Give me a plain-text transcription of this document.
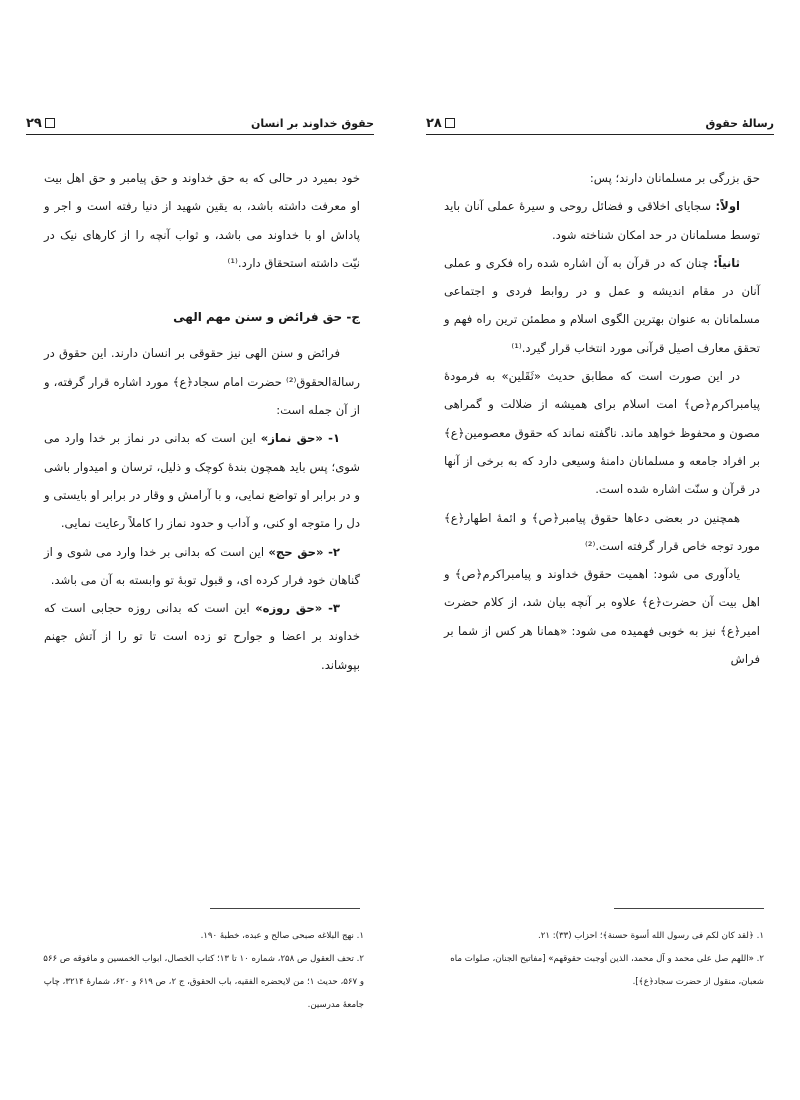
حقوق خداوند بر انسان
۲۹

خود بمیرد در حالی که به حق خداوند و حق پیامبر و حق اهل بیت او معرفت داشته باشد، به یقین شهید از دنیا رفته است و اجر و پاداش او با خداوند می باشد، و ثواب آنچه را از کارهای نیک در نیّت داشته استحقاق دارد.⁽¹⁾

ج- حق فرائض و سنن مهم الهی

فرائض و سنن الهی نیز حقوقی بر انسان دارند. این حقوق در رسالةالحقوق⁽²⁾ حضرت امام سجاد﴿ع﴾ مورد اشاره قرار گرفته، و از آن جمله است:

۱- «حق نماز» این است که بدانی در نماز بر خدا وارد می شوی؛ پس باید همچون بندهٔ کوچک و ذلیل، ترسان و امیدوار باشی و در برابر او تواضع نمایی، و با آرامش و وقار در برابر او بایستی و دل را متوجه او کنی، و آداب و حدود نماز را کاملاً رعایت نمایی.

۲- «حق حج» این است که بدانی بر خدا وارد می شوی و از گناهان خود فرار کرده ای، و قبول توبهٔ تو وابسته به آن می باشد.

۳- «حق روزه» این است که بدانی روزه حجابی است که خداوند بر اعضا و جوارح تو زده است تا تو را از آتش جهنم بپوشاند.

۱. نهج البلاغه صبحی صالح و عبده، خطبهٔ ۱۹۰.
۲. تحف العقول ص ۲۵۸، شماره ۱۰ تا ۱۳؛ کتاب الخصال، ابواب الخمسین و مافوقه ص ۵۶۶ و ۵۶۷، حدیث ۱؛ من لایحضره الفقیه، باب الحقوق، ج ۲، ص ۶۱۹ و ۶۲۰، شمارهٔ ۳۲۱۴، چاپ جامعهٔ مدرسین.
رسالهٔ حقوق
۲۸

حق بزرگی بر مسلمانان دارند؛ پس:

اولاً: سجایای اخلاقی و فضائل روحی و سیرهٔ عملی آنان باید توسط مسلمانان در حد امکان شناخته شود.

ثانیاً: چنان که در قرآن به آن اشاره شده راه فکری و عملی آنان در مقام اندیشه و عمل و در روابط فردی و اجتماعی مسلمانان به عنوان بهترین الگوی اسلام و مطمئن ترین راه فهم و تحقق معارف اصیل قرآنی مورد انتخاب قرار گیرد.⁽¹⁾

در این صورت است که مطابق حدیث «ثَقَلین» به فرمودهٔ پیامبراکرم﴿ص﴾ امت اسلام برای همیشه از ضلالت و گمراهی مصون و محفوظ خواهد ماند. ناگفته نماند که حقوق معصومین﴿ع﴾ بر افراد جامعه و مسلمانان دامنهٔ وسیعی دارد که به برخی از آنها در قرآن و سنّت اشاره شده است.

همچنین در بعضی دعاها حقوق پیامبر﴿ص﴾ و ائمهٔ اطهار﴿ع﴾ مورد توجه خاص قرار گرفته است.⁽²⁾

یادآوری می شود: اهمیت حقوق خداوند و پیامبراکرم﴿ص﴾ و اهل بیت آن حضرت﴿ع﴾ علاوه بر آنچه بیان شد، از کلام حضرت امیر﴿ع﴾ نیز به خوبی فهمیده می شود: «همانا هر کس از شما بر فراش

۱. ﴿لقد کان لکم فی رسول الله أسوة حسنة﴾؛ احزاب (۳۳): ۲۱.
۲. «اللهم صل علی محمد و آل محمد، الذین أوجبت حقوقهم» [مفاتیح الجنان، صلوات ماه شعبان، منقول از حضرت سجاد﴿ع﴾].
